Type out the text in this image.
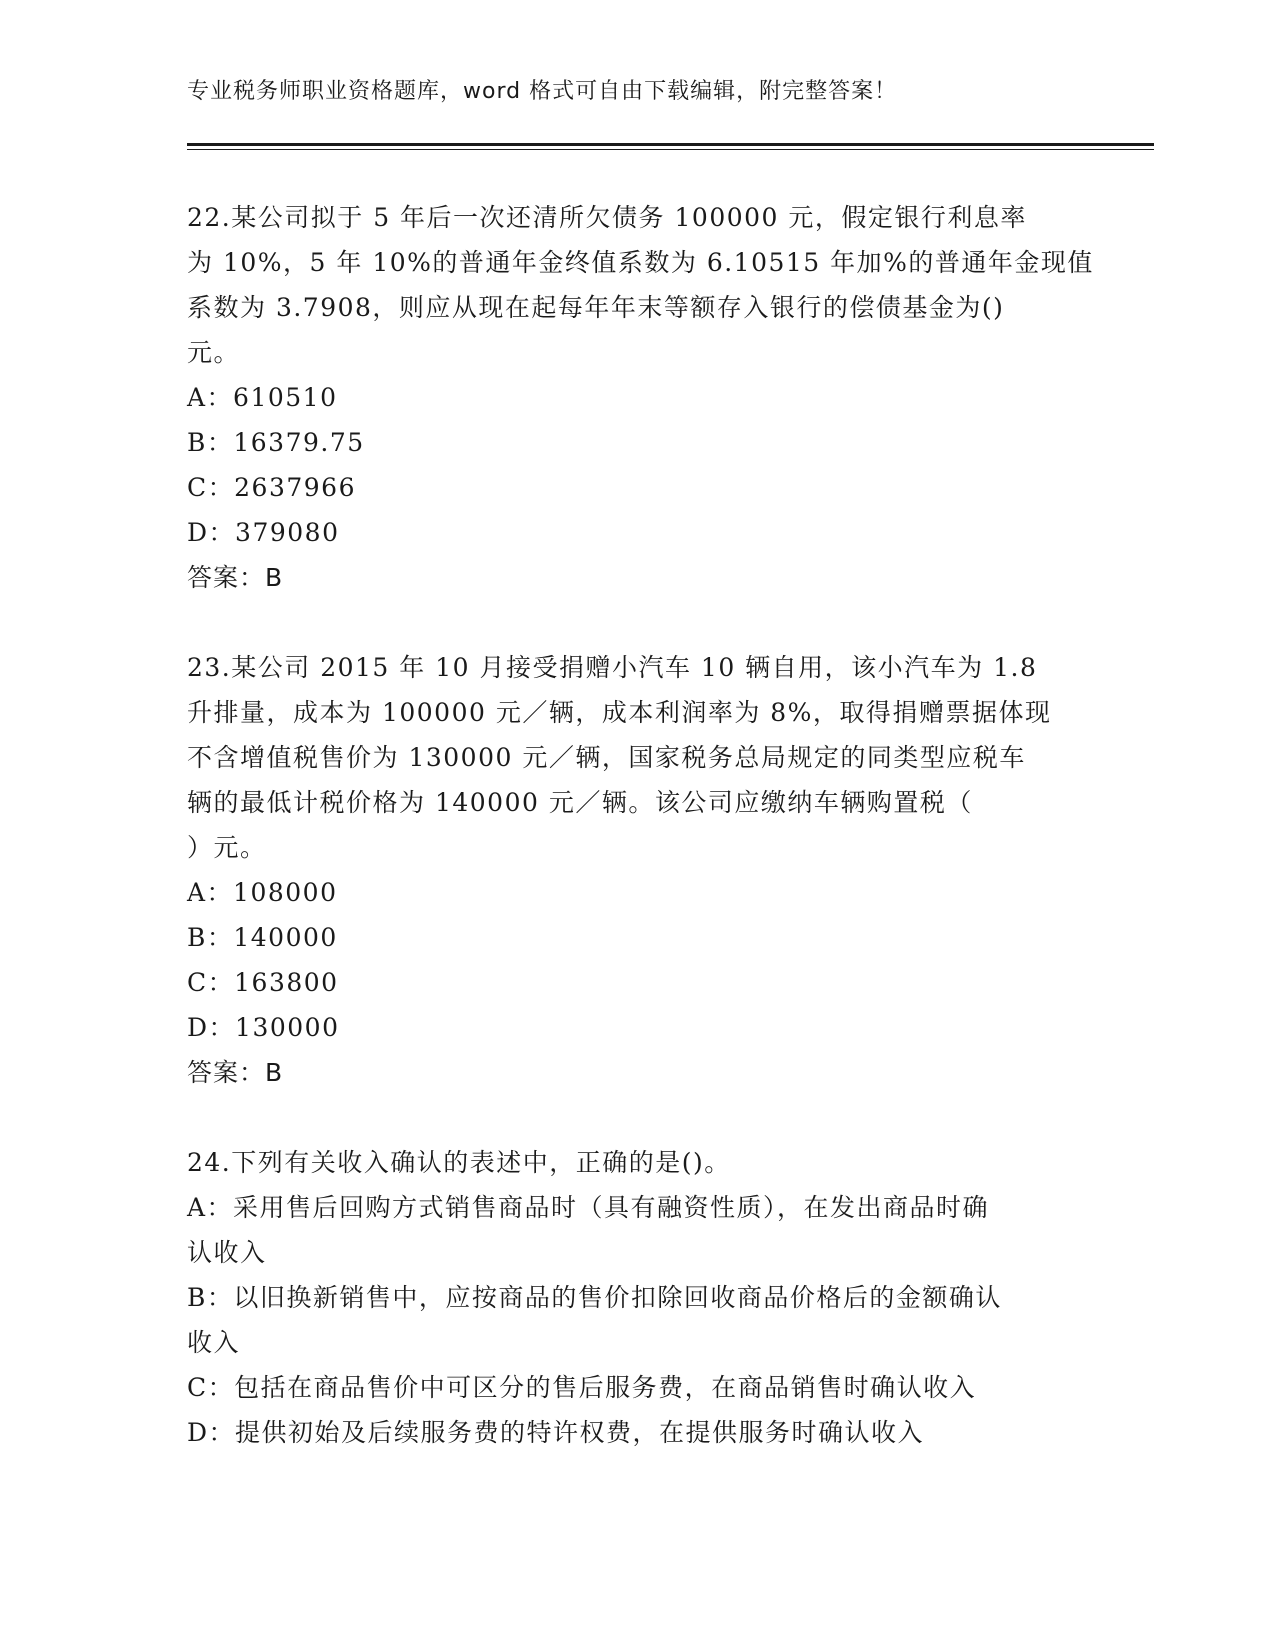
专业税务师职业资格题库，word 格式可自由下载编辑，附完整答案！
22.某公司拟于 5 年后一次还清所欠债务 100000 元，假定银行利息率
为 10%，5 年 10%的普通年金终值系数为 6.10515 年加%的普通年金现值
系数为 3.7908，则应从现在起每年年末等额存入银行的偿债基金为()
元。
A：610510
B：16379.75
C：2637966
D：379080
答案：B
23.某公司 2015 年 10 月接受捐赠小汽车 10 辆自用，该小汽车为 1.8
升排量，成本为 100000 元／辆，成本利润率为 8%，取得捐赠票据体现
不含增值税售价为 130000 元／辆，国家税务总局规定的同类型应税车
辆的最低计税价格为 140000 元／辆。该公司应缴纳车辆购置税（
）元。
A：108000
B：140000
C：163800
D：130000
答案：B
24.下列有关收入确认的表述中，正确的是()。
A：采用售后回购方式销售商品时（具有融资性质），在发出商品时确
认收入
B：以旧换新销售中，应按商品的售价扣除回收商品价格后的金额确认
收入
C：包括在商品售价中可区分的售后服务费，在商品销售时确认收入
D：提供初始及后续服务费的特许权费，在提供服务时确认收入
